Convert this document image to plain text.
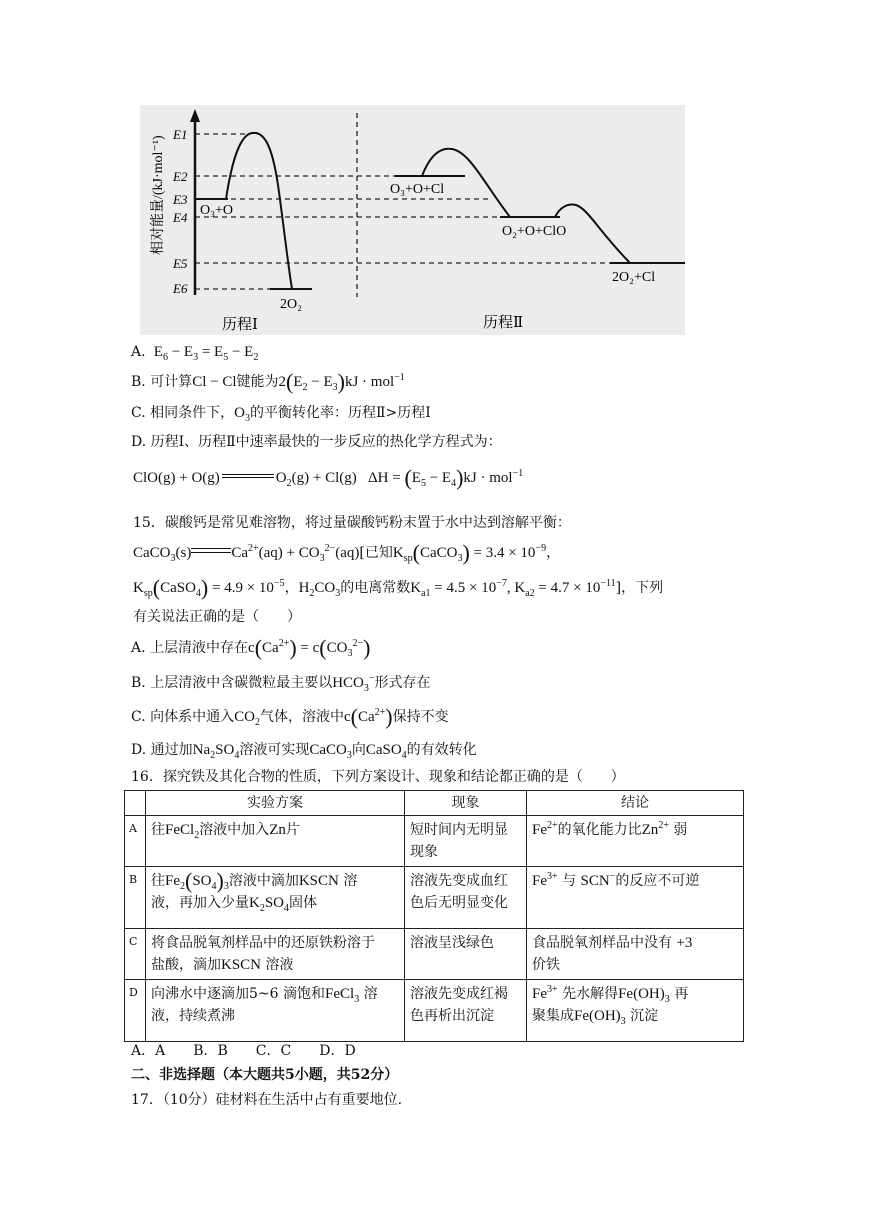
相对能量/(kJ·mol⁻¹)
E1
E2
E3
E4
E5
E6
O₃+O
2O₂
O₃+O+Cl
O₂+O+ClO
2O₂+Cl
历程Ⅰ	历程Ⅱ
A.  $E_6 - E_3 = E_5 - E_2$
B. 可计算Cl − Cl键能为$2(E_2 - E_3)kJ \cdot mol^{-1}$
C. 相同条件下，$O_3$的平衡转化率：历程Ⅱ>历程Ⅰ
D. 历程Ⅰ、历程Ⅱ中速率最快的一步反应的热化学方程式为：
ClO(g) + O(g)	$O_2(g) + Cl(g) \Delta H = (E_5 - E_4)kJ \cdot mol^{-1}$
15．碳酸钙是常见难溶物，将过量碳酸钙粉末置于水中达到溶解平衡：
CaCO$_3$(s)	$Ca^{2+}(aq) + CO_3^{2-}(aq)$[已知$K_{sp}(CaCO_3) = 3.4 \times 10^{-9}$，
$K_{sp}(CaSO_4) = 4.9 \times 10^{-5}$，$H_2CO_3$的电离常数$K_{a1} = 4.5 \times 10^{-7}$, $K_{a2} = 4.7 \times 10^{-11}$]，下列
有关说法正确的是（　　）
A. 上层清液中存在$c(Ca^{2+}) = c(CO_3^{2-})$
B. 上层清液中含碳微粒最主要以$HCO_3^-$形式存在
C. 向体系中通入$CO_2$气体，溶液中$c(Ca^{2+})$保持不变
D. 通过加$Na_2SO_4$溶液可实现CaCO$_3$向CaSO$_4$的有效转化
16．探究铁及其化合物的性质，下列方案设计、现象和结论都正确的是（　　）
	实验方案	现象	结论
A	往FeCl$_2$溶液中加入Zn片	短时间内无明显现象	$Fe^{2+}$的氧化能力比$Zn^{2+}$ 弱
B	往$Fe_2(SO_4)_3$溶液中滴加KSCN 溶
液，再加入少量$K_2SO_4$固体	溶液先变成血红色后无明显变化	$Fe^{3+}$ 与 SCN−的反应不可逆
C	将食品脱氧剂样品中的还原铁粉溶于
盐酸，滴加KSCN 溶液	溶液呈浅绿色	食品脱氧剂样品中没有 +3
价铁
D	向沸水中逐滴加5~6 滴饱和FeCl$_3$ 溶
液，持续煮沸	溶液先变成红褐色再析出沉淀	$Fe^{3+}$ 先水解得$Fe(OH)_3$ 再
聚集成$Fe(OH)_3$ 沉淀
A．A　　B．B　　C．C　　D．D
二、非选择题（本大题共5小题，共52分）
17．（10分）硅材料在生活中占有重要地位.
